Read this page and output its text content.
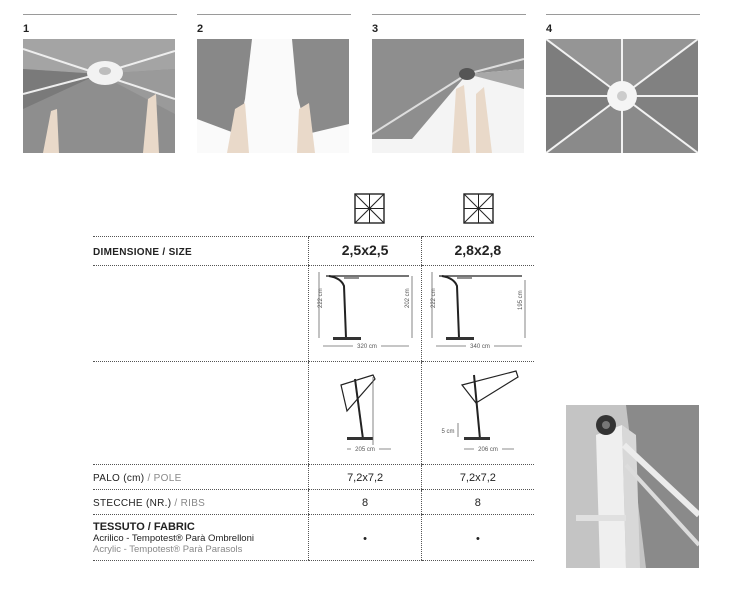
1	2	3	4
DIMENSIONE / SIZE	2,5x2,5	2,8x2,8

222 cm 202 cm
320 cm	222 cm 195 cm
340 cm

205 cm	5 cm
206 cm

PALO (cm) / POLE	7,2x7,2	7,2x7,2
STECCHE (NR.) / RIBS	8	8

TESSUTO / FABRIC
Acrilico - Tempotest® Parà Ombrelloni
Acrylic - Tempotest® Parà Parasols	•	•
